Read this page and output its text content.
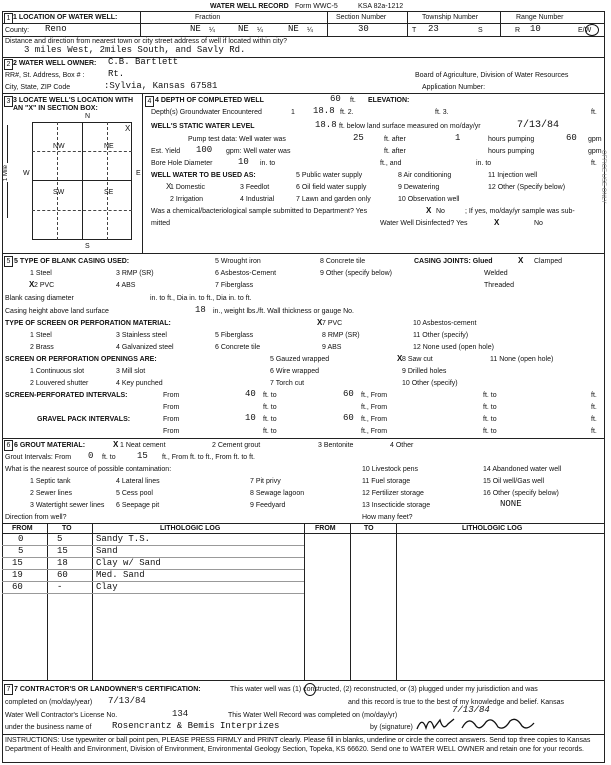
WATER WELL RECORD Form WWC-5	KSA 82a-1212
1 1 LOCATION OF WATER WELL:	Fraction	Section Number	Township Number	Range Number
County: Reno	NE ¼	NE ¼	NE ¼	30	T 23	S	R 10	E/W
Distance and direction from nearest town or city street address of well if located within city?
3 miles West, 2miles South, and Savly Rd.
2 2 WATER WELL OWNER: C.B. Bartlett
RR#, St. Address, Box # :	Rt.	Board of Agriculture, Division of Water Resources
City, State, ZIP Code	:Sylvia, Kansas 67581	Application Number:
3 3 LOCATE WELL'S LOCATION WITH AN "X" IN SECTION BOX:
N
S
W	E
1 Mile
NW	NE
SW	SE
X
4 4 DEPTH OF COMPLETED WELL	60 ft. ELEVATION:
Depth(s) Groundwater Encountered	1 18.8 ft. 2.	ft. 3.	ft.
WELL'S STATIC WATER LEVEL	18.8 ft. below land surface measured on mo/day/yr	7/13/84
Pump test data: Well water was	25	ft. after	1	hours pumping	60 gpm
Est. Yield 100 gpm: Well water was	ft. after	hours pumping	gpm
Bore Hole Diameter	10 in. to	ft., and	in. to	ft.
WELL WATER TO BE USED AS:	5 Public water supply	8 Air conditioning	11 Injection well
1 Domestic
X	3 Feedlot	6 Oil field water supply	9 Dewatering	12 Other (Specify below)
2 Irrigation	4 Industrial	7 Lawn and garden only	10 Observation well
Was a chemical/bacteriological sample submitted to Department? Yes	X No	; If yes, mo/day/yr sample was sub-
mitted	Water Well Disinfected? Yes	X	No
5 5 TYPE OF BLANK CASING USED:	5 Wrought iron	8 Concrete tile	CASING JOINTS: Glued	X Clamped
1 Steel	3 RMP (SR)	6 Asbestos-Cement	9 Other (specify below)	Welded
X 2 PVC	4 ABS	7 Fiberglass	Threaded
Blank casing diameter	in. to ft., Dia in. to ft., Dia in. to ft.
Casing height above land surface	18 in., weight lbs./ft. Wall thickness or gauge No.
TYPE OF SCREEN OR PERFORATION MATERIAL:	X 7 PVC	10 Asbestos-cement
1 Steel	3 Stainless steel	5 Fiberglass	8 RMP (SR)	11 Other (specify)
2 Brass	4 Galvanized steel	6 Concrete tile	9 ABS	12 None used (open hole)
SCREEN OR PERFORATION OPENINGS ARE:	5 Gauzed wrapped	X 8 Saw cut	11 None (open hole)
1 Continuous slot	3 Mill slot	6 Wire wrapped	9 Drilled holes
2 Louvered shutter	4 Key punched	7 Torch cut	10 Other (specify)
SCREEN-PERFORATED INTERVALS:	From	40 ft. to	60 ft., From	ft. to	ft.
From	ft. to	ft., From	ft. to	ft.
GRAVEL PACK INTERVALS:	From	10 ft. to	60 ft., From	ft. to	ft.
From	ft. to	ft., From	ft. to	ft.
6 6 GROUT MATERIAL:	X 1 Neat cement	2 Cement grout	3 Bentonite	4 Other
Grout Intervals: From 0 ft. to 15 ft., From ft. to ft., From ft. to ft.
What is the nearest source of possible contamination:	10 Livestock pens	14 Abandoned water well
1 Septic tank	4 Lateral lines	7 Pit privy	11 Fuel storage	15 Oil well/Gas well
2 Sewer lines	5 Cess pool	8 Sewage lagoon	12 Fertilizer storage	16 Other (specify below)
3 Watertight sewer lines 6 Seepage pit	9 Feedyard	13 Insecticide storage	NONE
Direction from well?	How many feet?
FROM	TO	LITHOLOGIC LOG	FROM	TO	LITHOLOGIC LOG
0	5	Sandy T.S.
5	15	Sand
15	18	Clay w/ Sand
19	60	Med. Sand
60	-	Clay
7 7 CONTRACTOR'S OR LANDOWNER'S CERTIFICATION:	This water well was (1) constructed, (2) reconstructed, or (3) plugged under my jurisdiction and was
completed on (mo/day/year) 7/13/84	and this record is true to the best of my knowledge and belief. Kansas
Water Well Contractor's License No.	134	This Water Well Record was completed on (mo/day/yr)
7/13/84
under the business name of Rosencrantz & Bemis Interprizes	by (signature)
INSTRUCTIONS: Use typewriter or ball point pen, PLEASE PRESS FIRMLY and PRINT clearly. Please fill in blanks, underline or circle the correct answers. Send top three copies to Kansas Department of Health and Environment, Division of Environment, Environmental Geology Section, Topeka, KS 66620. Send one to WATER WELL OWNER and retain one for your records.
OFFICE USE ONLY
